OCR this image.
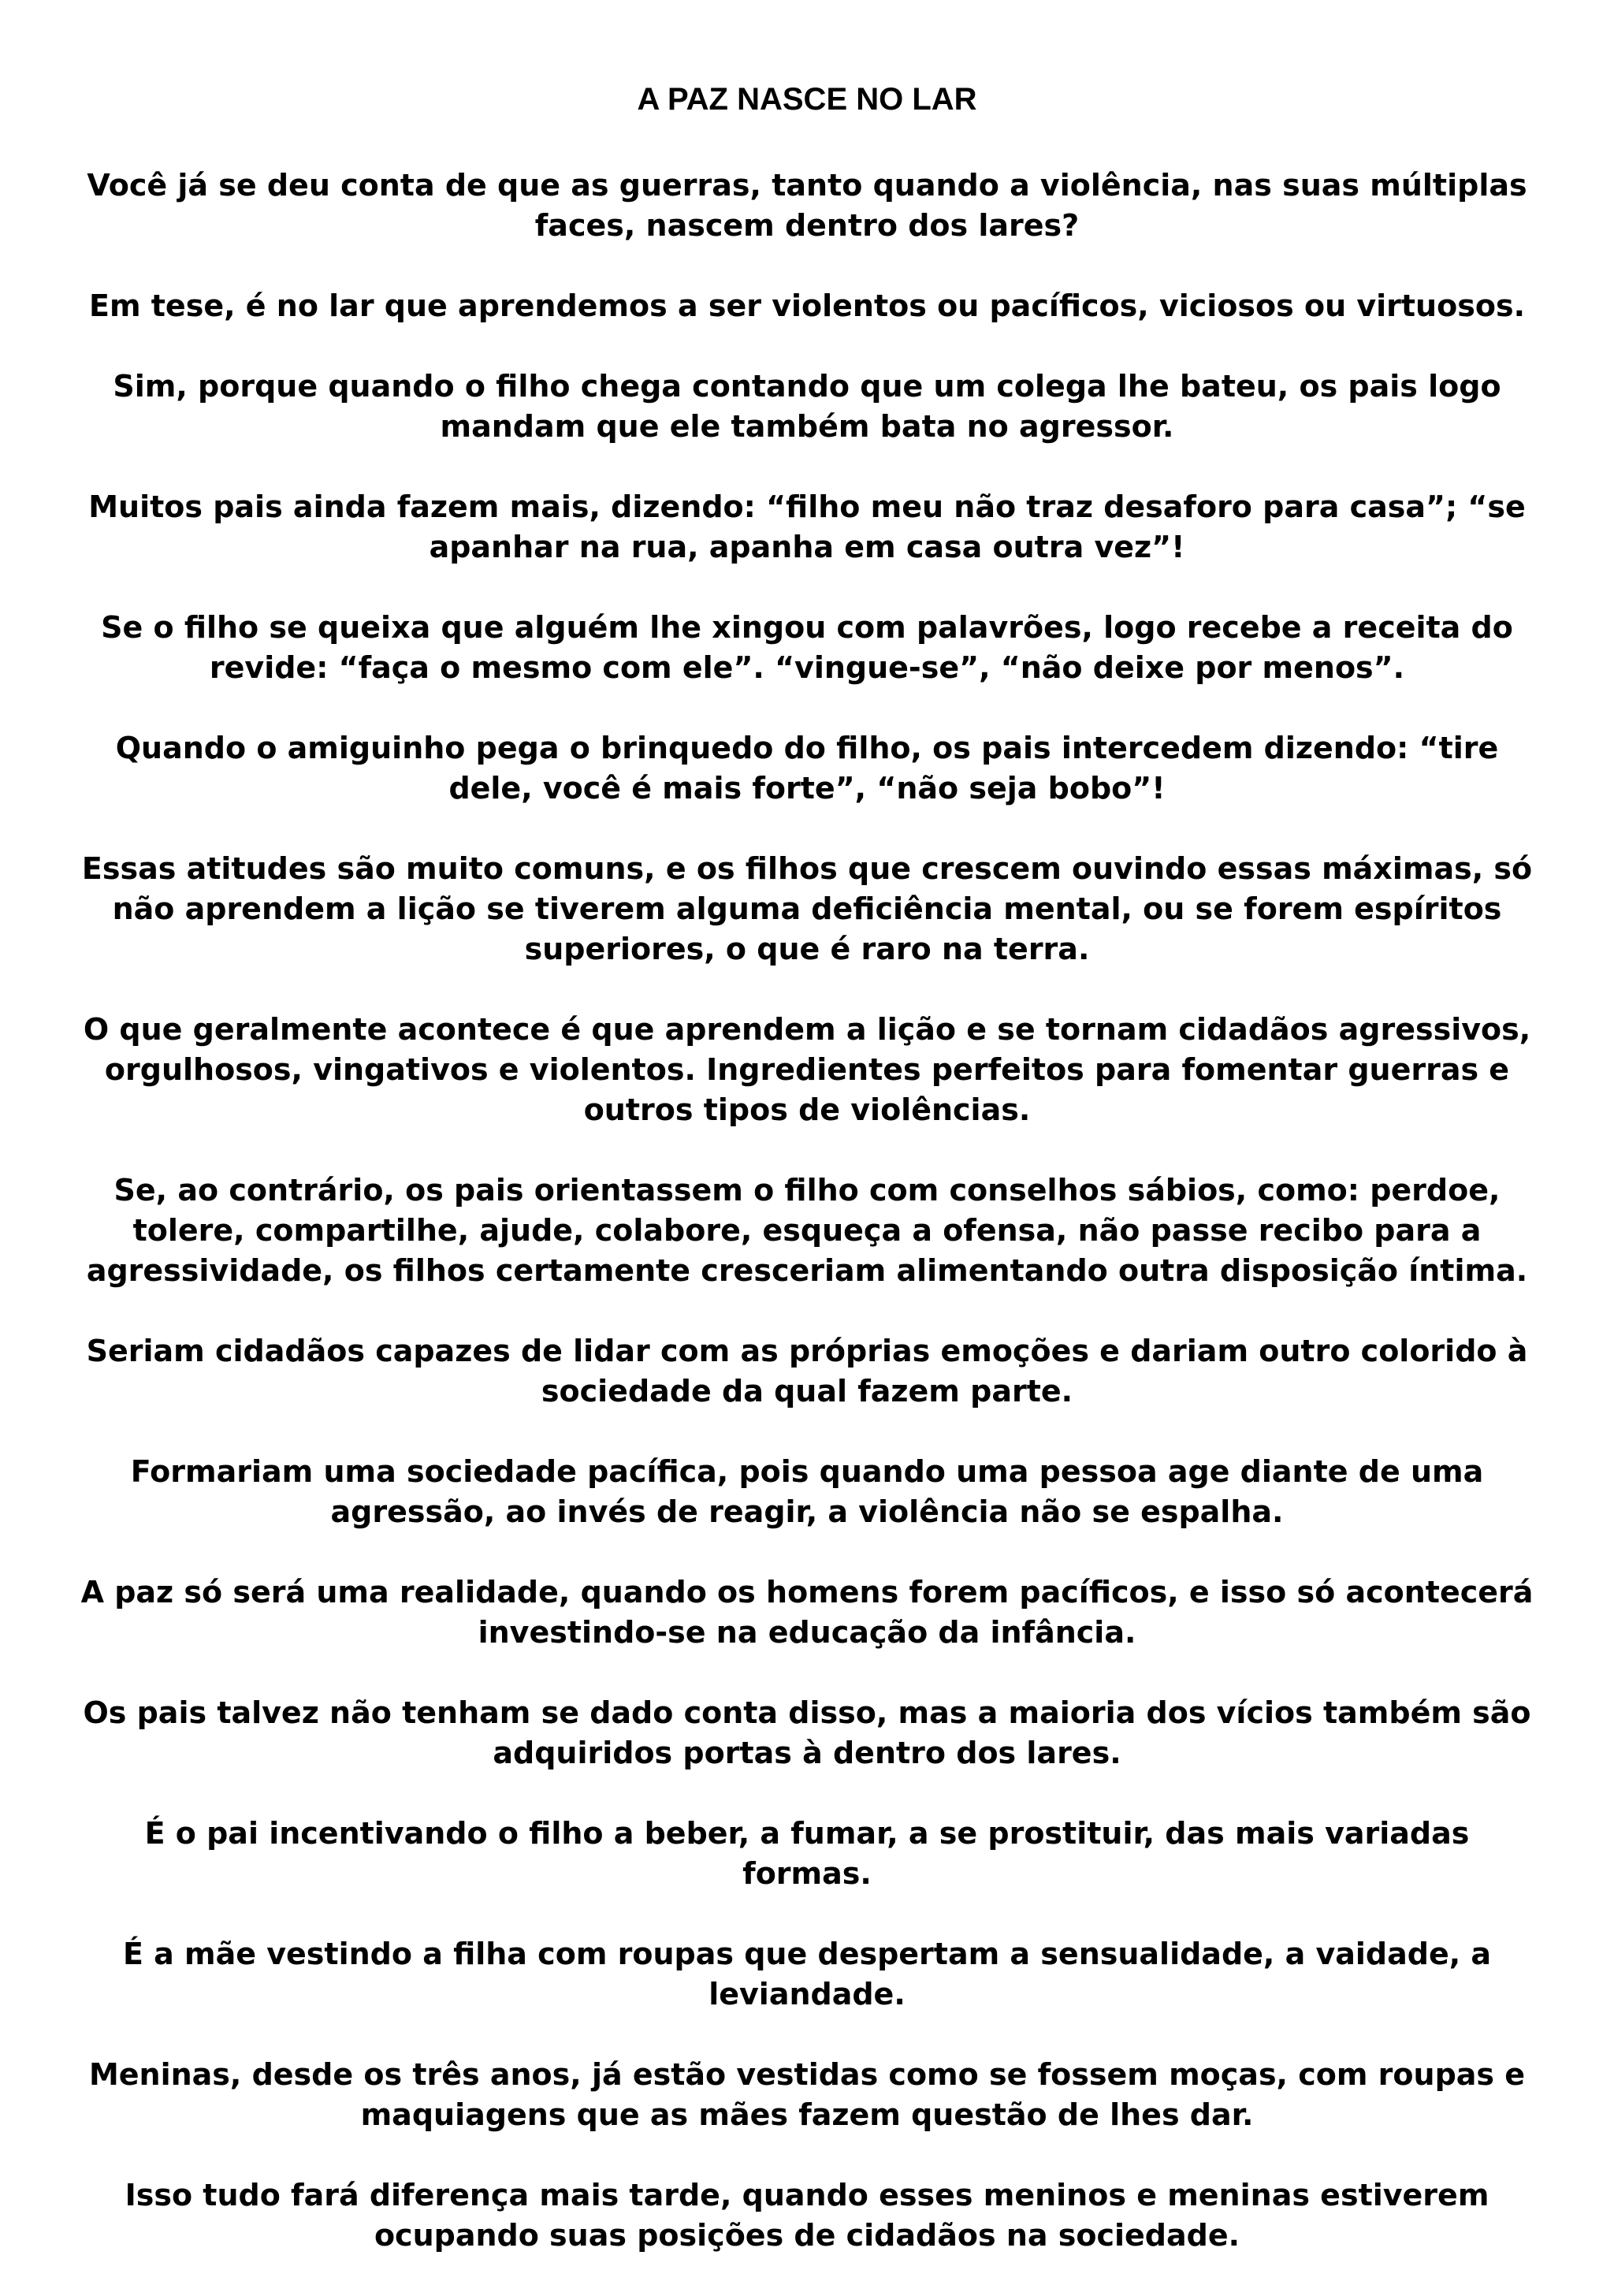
A PAZ NASCE NO LAR

Você já se deu conta de que as guerras, tanto quando a violência, nas suas múltiplas faces, nascem dentro dos lares?

Em tese, é no lar que aprendemos a ser violentos ou pacíficos, viciosos ou virtuosos.

Sim, porque quando o filho chega contando que um colega lhe bateu, os pais logo mandam que ele também bata no agressor.

Muitos pais ainda fazem mais, dizendo: “filho meu não traz desaforo para casa”; “se apanhar na rua, apanha em casa outra vez”!

Se o filho se queixa que alguém lhe xingou com palavrões, logo recebe a receita do revide: “faça o mesmo com ele”. “vingue-se”, “não deixe por menos”.

Quando o amiguinho pega o brinquedo do filho, os pais intercedem dizendo: “tire dele, você é mais forte”, “não seja bobo”!

Essas atitudes são muito comuns, e os filhos que crescem ouvindo essas máximas, só não aprendem a lição se tiverem alguma deficiência mental, ou se forem espíritos superiores, o que é raro na terra.

O que geralmente acontece é que aprendem a lição e se tornam cidadãos agressivos, orgulhosos, vingativos e violentos. Ingredientes perfeitos para fomentar guerras e outros tipos de violências.

Se, ao contrário, os pais orientassem o filho com conselhos sábios, como: perdoe, tolere, compartilhe, ajude, colabore, esqueça a ofensa, não passe recibo para a agressividade, os filhos certamente cresceriam alimentando outra disposição íntima.

Seriam cidadãos capazes de lidar com as próprias emoções e dariam outro colorido à sociedade da qual fazem parte.

Formariam uma sociedade pacífica, pois quando uma pessoa age diante de uma agressão, ao invés de reagir, a violência não se espalha.

A paz só será uma realidade, quando os homens forem pacíficos, e isso só acontecerá investindo-se na educação da infância.

Os pais talvez não tenham se dado conta disso, mas a maioria dos vícios também são adquiridos portas à dentro dos lares.

É o pai incentivando o filho a beber, a fumar, a se prostituir, das mais variadas formas.

É a mãe vestindo a filha com roupas que despertam a sensualidade, a vaidade, a leviandade.

Meninas, desde os três anos, já estão vestidas como se fossem moças, com roupas e maquiagens que as mães fazem questão de lhes dar.

Isso tudo fará diferença mais tarde, quando esses meninos e meninas estiverem ocupando suas posições de cidadãos na sociedade.
